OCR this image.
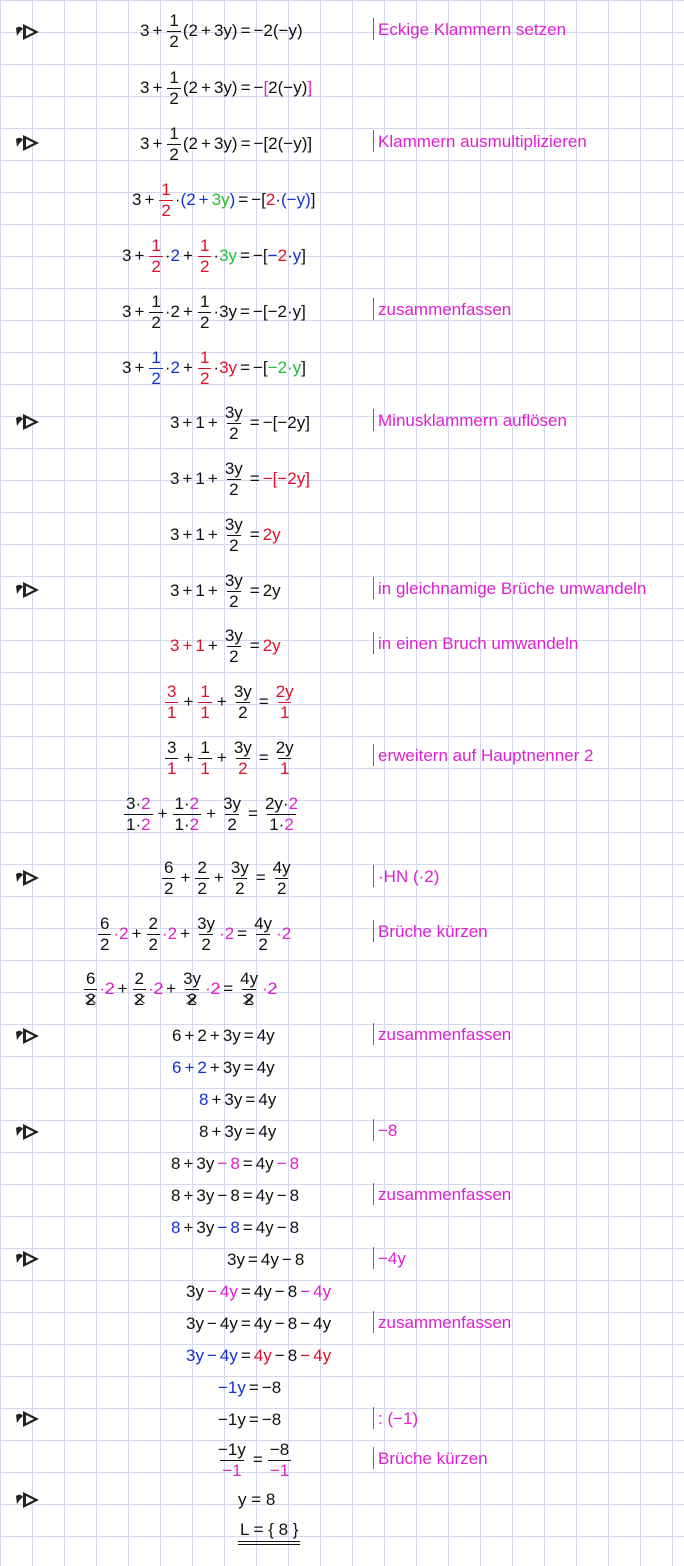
$3 + \frac{1}{2} (2 + 3y) = -2(-y)$	Eckige Klammern setzen
$3 + \frac{1}{2} (2 + 3y)$ = − [ 2(−y) ]
$3 + \frac{1}{2} (2 + 3y) = -[2(-y)]$	Klammern ausmultiplizieren
$3 + \frac{1}{2} \cdot (2 + 3y$ ) = −[ 2 · (−y) ]
$3 + \frac{1}{2} \cdot 2 + \frac{1}{2} \cdot 3y$ = −[ − 2 · y ]
$3 + \frac{1}{2} \cdot 2 + \frac{1}{2} \cdot 3y = -[-2\cdot y]$	zusammenfassen
$3 + \frac{1}{2} \cdot 2 + \frac{1}{2} \cdot 3y$ = −[ −2·y ]
$3 + 1 + \frac{3y}{2} = -[-2y]$	Minusklammern auflösen
$3 + 1 + \frac{3y}{2} = -[-2y]$
$3 + 1 + \frac{3y}{2} = 2y$
$3 + 1 + \frac{3y}{2} = 2y$	in gleichnamige Brüche umwandeln
$3 + 1 + \frac{3y}{2} = 2y$	in einen Bruch umwandeln
$\frac{3}{1} + \frac{1}{1} + \frac{3y}{2} = \frac{2y}{1}$
$\frac{3}{1} + \frac{1}{1} + \frac{3y}{2} = \frac{2y}{1}$	erweitern auf Hauptnenner 2
$\frac{3\cdot 2}{1\cdot 2} + \frac{1\cdot 2}{1\cdot 2} + \frac{3y}{2} = \frac{2y\cdot 2}{1\cdot 2}$
$\frac{6}{2} + \frac{2}{2} + \frac{3y}{2} = \frac{4y}{2}$	·HN (·2)
$\frac{6}{2} \cdot 2 + \frac{2}{2} \cdot 2 + \frac{3y}{2} \cdot 2 = \frac{4y}{2} \cdot 2$	Brüche kürzen
$\frac{6}{2} \cdot 2 + \frac{2}{2} \cdot 2 + \frac{3y}{2} \cdot 2 = \frac{4y}{2} \cdot 2$
6 + 2 + 3y = 4y	zusammenfassen
6 + 2 + 3y = 4y
8 + 3y = 4y
8 + 3y = 4y	−8
8 + 3y − 8 = 4y − 8
8 + 3y − 8 = 4y − 8	zusammenfassen
8 + 3y − 8 = 4y − 8
3y = 4y − 8	−4y
3y − 4y = 4y − 8 − 4y
3y − 4y = 4y − 8 − 4y	zusammenfassen
3y − 4y = 4y − 8 − 4y
−1y = −8
−1y = −8	: (−1)
$\frac{-1y}{-1} = \frac{-8}{-1}$	Brüche kürzen
y = 8
L = { 8 }
